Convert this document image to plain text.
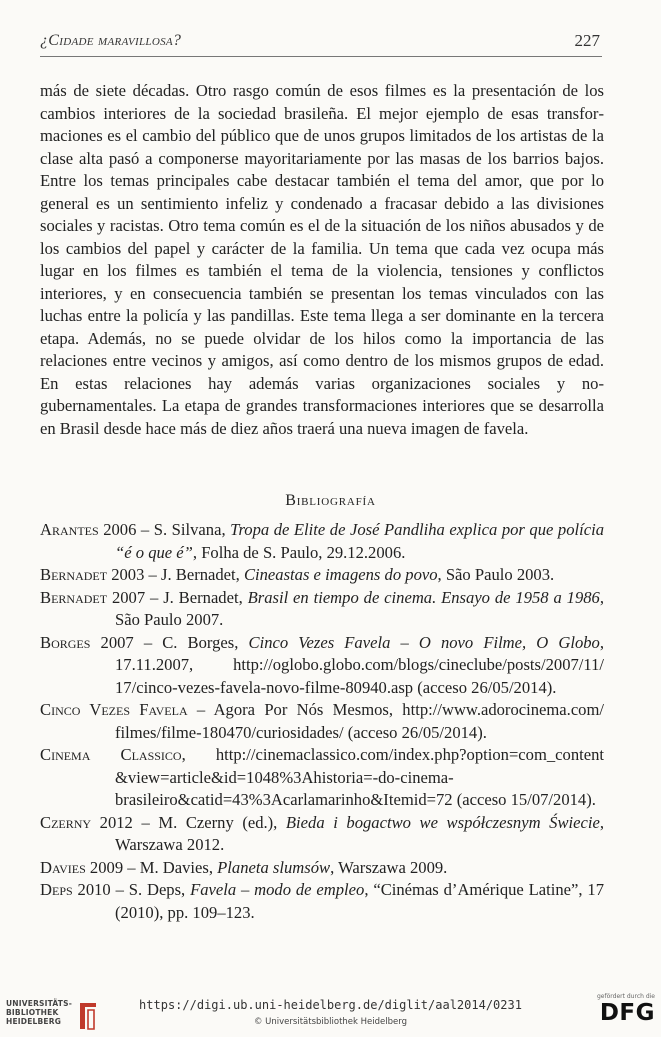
¿Cidade maravillosa?	227

más de siete décadas. Otro rasgo común de esos filmes es la presentación de los cambios interiores de la sociedad brasileña. El mejor ejemplo de esas transformaciones es el cambio del público que de unos grupos limitados de los artistas de la clase alta pasó a componerse mayoritariamente por las masas de los barrios bajos. Entre los temas principales cabe destacar también el tema del amor, que por lo general es un sentimiento infeliz y condenado a fracasar debido a las divisiones sociales y racistas. Otro tema común es el de la situación de los niños abusados y de los cambios del papel y carácter de la familia. Un tema que cada vez ocupa más lugar en los filmes es también el tema de la violencia, tensiones y conflictos interiores, y en consecuencia también se presentan los temas vinculados con las luchas entre la policía y las pandillas. Este tema llega a ser dominante en la tercera etapa. Además, no se puede olvidar de los hilos como la importancia de las relaciones entre vecinos y amigos, así como dentro de los mismos grupos de edad. En estas relaciones hay además varias organizaciones sociales y no-gubernamentales. La etapa de grandes transformaciones interiores que se desarrolla en Brasil desde hace más de diez años traerá una nueva imagen de favela.

Bibliografía
Arantes 2006 – S. Silvana, Tropa de Elite de José Pandliha explica por que polícia “é o que é”, Folha de S. Paulo, 29.12.2006.
Bernadet 2003 – J. Bernadet, Cineastas e imagens do povo, São Paulo 2003.
Bernadet 2007 – J. Bernadet, Brasil en tiempo de cinema. Ensayo de 1958 a 1986, São Paulo 2007.
Borges 2007 – C. Borges, Cinco Vezes Favela – O novo Filme, O Globo, 17.11.2007, http://oglobo.globo.com/blogs/cineclube/posts/2007/11/ 17/cinco-vezes-favela-novo-filme-80940.asp (acceso 26/05/2014).
Cinco Vezes Favela – Agora Por Nós Mesmos, http://www.adorocinema.com/ filmes/filme-180470/curiosidades/ (acceso 26/05/2014).
Cinema Classico, http://cinemaclassico.com/index.php?option=com_content &view=article&id=1048%3Ahistoria=-do-cinema-brasileiro&catid=43%3Acarlamarinho&Itemid=72 (acceso 15/07/2014).
Czerny 2012 – M. Czerny (ed.), Bieda i bogactwo we współczesnym Świecie, Warszawa 2012.
Davies 2009 – M. Davies, Planeta slumsów, Warszawa 2009.
Deps 2010 – S. Deps, Favela – modo de empleo, “Cinémas d’Amérique Latine”, 17 (2010), pp. 109–123.
UNIVERSITÄTS-
BIBLIOTHEK
HEIDELBERG
https://digi.ub.uni-heidelberg.de/diglit/aal2014/0231
© Universitätsbibliothek Heidelberg
gefördert durch die
DFG
